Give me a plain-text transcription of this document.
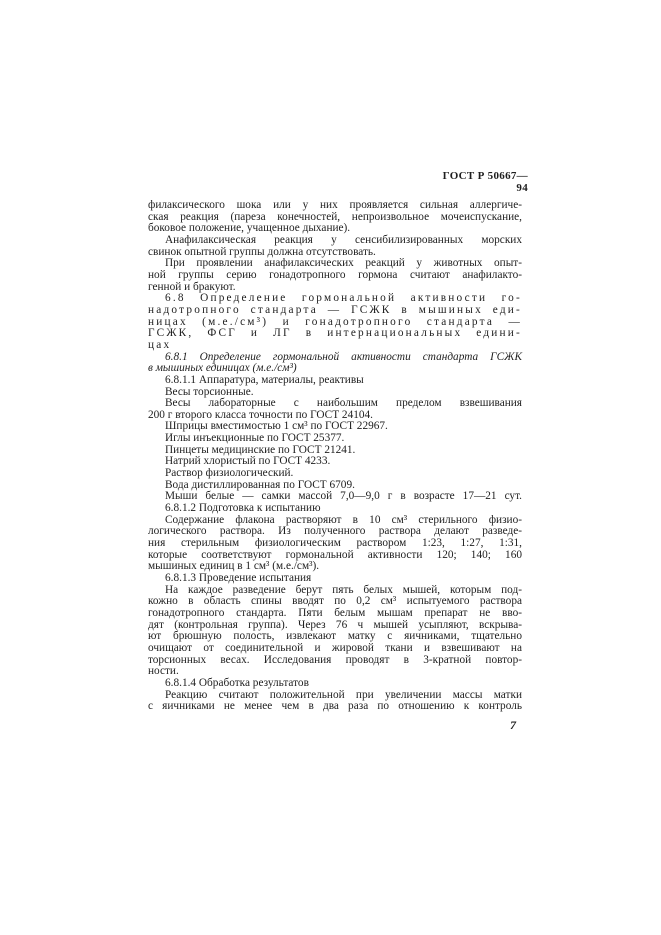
ГОСТ Р 50667—94
филаксического шока или у них проявляется сильная аллергиче-
ская реакция (пареза конечностей, непроизвольное мочеиспускание,
боковое положение, учащенное дыхание).
Анафилаксическая реакция у сенсибилизированных морских
свинок опытной группы должна отсутствовать.
При проявлении анафилаксических реакций у животных опыт-
ной группы серию гонадотропного гормона считают анафилакто-
генной и бракуют.
6.8 Определение гормональной активности го-
надотропного стандарта — ГСЖК в мышиных еди-
ницах (м.е./см³) и гонадотропного стандарта —
ГСЖК, ФСГ и ЛГ в интернациональных едини-
цах
6.8.1 Определение гормональной активности стандарта ГСЖК
в мышиных единицах (м.е./см³)
6.8.1.1 Аппаратура, материалы, реактивы
Весы торсионные.
Весы лабораторные с наибольшим пределом взвешивания
200 г второго класса точности по ГОСТ 24104.
Шприцы вместимостью 1 см³ по ГОСТ 22967.
Иглы инъекционные по ГОСТ 25377.
Пинцеты медицинские по ГОСТ 21241.
Натрий хлористый по ГОСТ 4233.
Раствор физиологический.
Вода дистиллированная по ГОСТ 6709.
Мыши белые — самки массой 7,0—9,0 г в возрасте 17—21 сут.
6.8.1.2 Подготовка к испытанию
Содержание флакона растворяют в 10 см³ стерильного физио-
логического раствора. Из полученного раствора делают разведе-
ния стерильным физиологическим раствором 1:23, 1:27, 1:31,
которые соответствуют гормональной активности 120; 140; 160
мышиных единиц в 1 см³ (м.е./см³).
6.8.1.3 Проведение испытания
На каждое разведение берут пять белых мышей, которым под-
кожно в область спины вводят по 0,2 см³ испытуемого раствора
гонадотропного стандарта. Пяти белым мышам препарат не вво-
дят (контрольная группа). Через 76 ч мышей усыпляют, вскрыва-
ют брюшную полость, извлекают матку с яичниками, тщательно
очищают от соединительной и жировой ткани и взвешивают на
торсионных весах. Исследования проводят в 3-кратной повтор-
ности.
6.8.1.4 Обработка результатов
Реакцию считают положительной при увеличении массы матки
с яичниками не менее чем в два раза по отношению к контроль
7
